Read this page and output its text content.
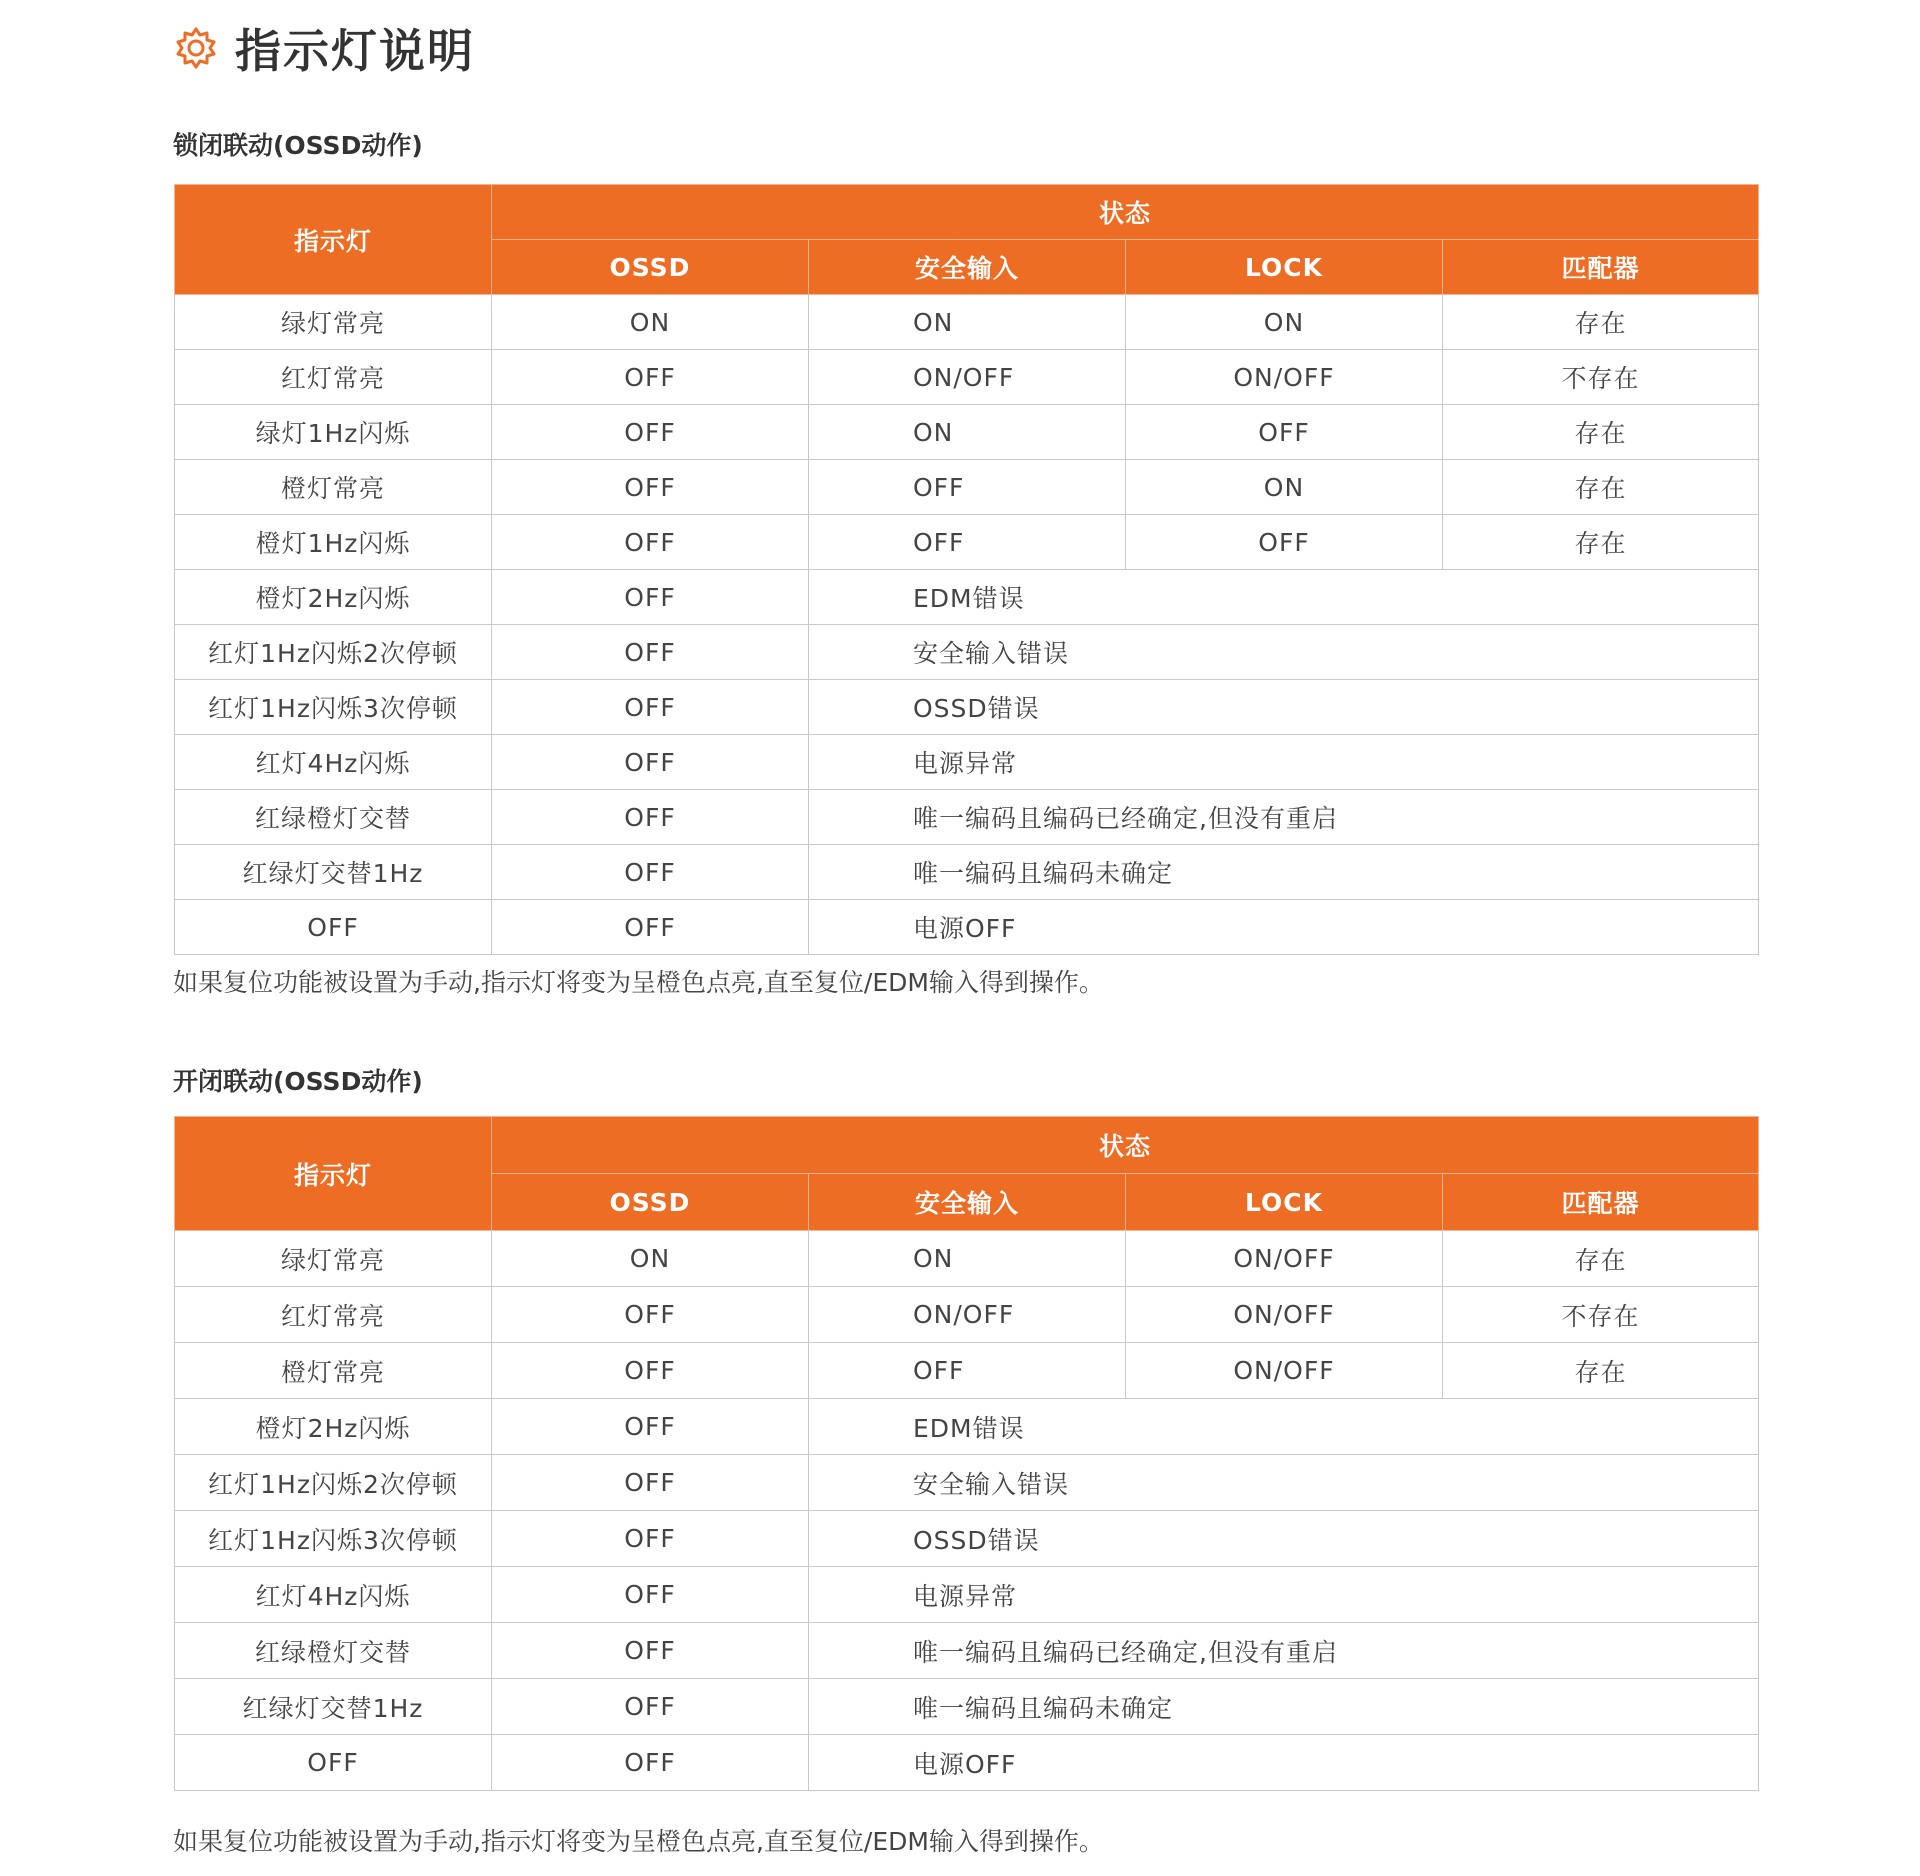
指示灯说明
锁闭联动(OSSD动作)
指示灯	状态			
	OSSD	安全输入	LOCK	匹配器
绿灯常亮	ON	ON	ON	存在
红灯常亮	OFF	ON/OFF	ON/OFF	不存在
绿灯1Hz闪烁	OFF	ON	OFF	存在
橙灯常亮	OFF	OFF	ON	存在
橙灯1Hz闪烁	OFF	OFF	OFF	存在
橙灯2Hz闪烁	OFF	EDM错误		
红灯1Hz闪烁2次停顿	OFF	安全输入错误		
红灯1Hz闪烁3次停顿	OFF	OSSD错误		
红灯4Hz闪烁	OFF	电源异常		
红绿橙灯交替	OFF	唯一编码且编码已经确定,但没有重启		
红绿灯交替1Hz	OFF	唯一编码且编码未确定		
OFF	OFF	电源OFF		

如果复位功能被设置为手动,指示灯将变为呈橙色点亮,直至复位/EDM输入得到操作。

开闭联动(OSSD动作)
指示灯	状态			
	OSSD	安全输入	LOCK	匹配器
绿灯常亮	ON	ON	ON/OFF	存在
红灯常亮	OFF	ON/OFF	ON/OFF	不存在
橙灯常亮	OFF	OFF	ON/OFF	存在
橙灯2Hz闪烁	OFF	EDM错误		
红灯1Hz闪烁2次停顿	OFF	安全输入错误		
红灯1Hz闪烁3次停顿	OFF	OSSD错误		
红灯4Hz闪烁	OFF	电源异常		
红绿橙灯交替	OFF	唯一编码且编码已经确定,但没有重启		
红绿灯交替1Hz	OFF	唯一编码且编码未确定		
OFF	OFF	电源OFF		

如果复位功能被设置为手动,指示灯将变为呈橙色点亮,直至复位/EDM输入得到操作。
